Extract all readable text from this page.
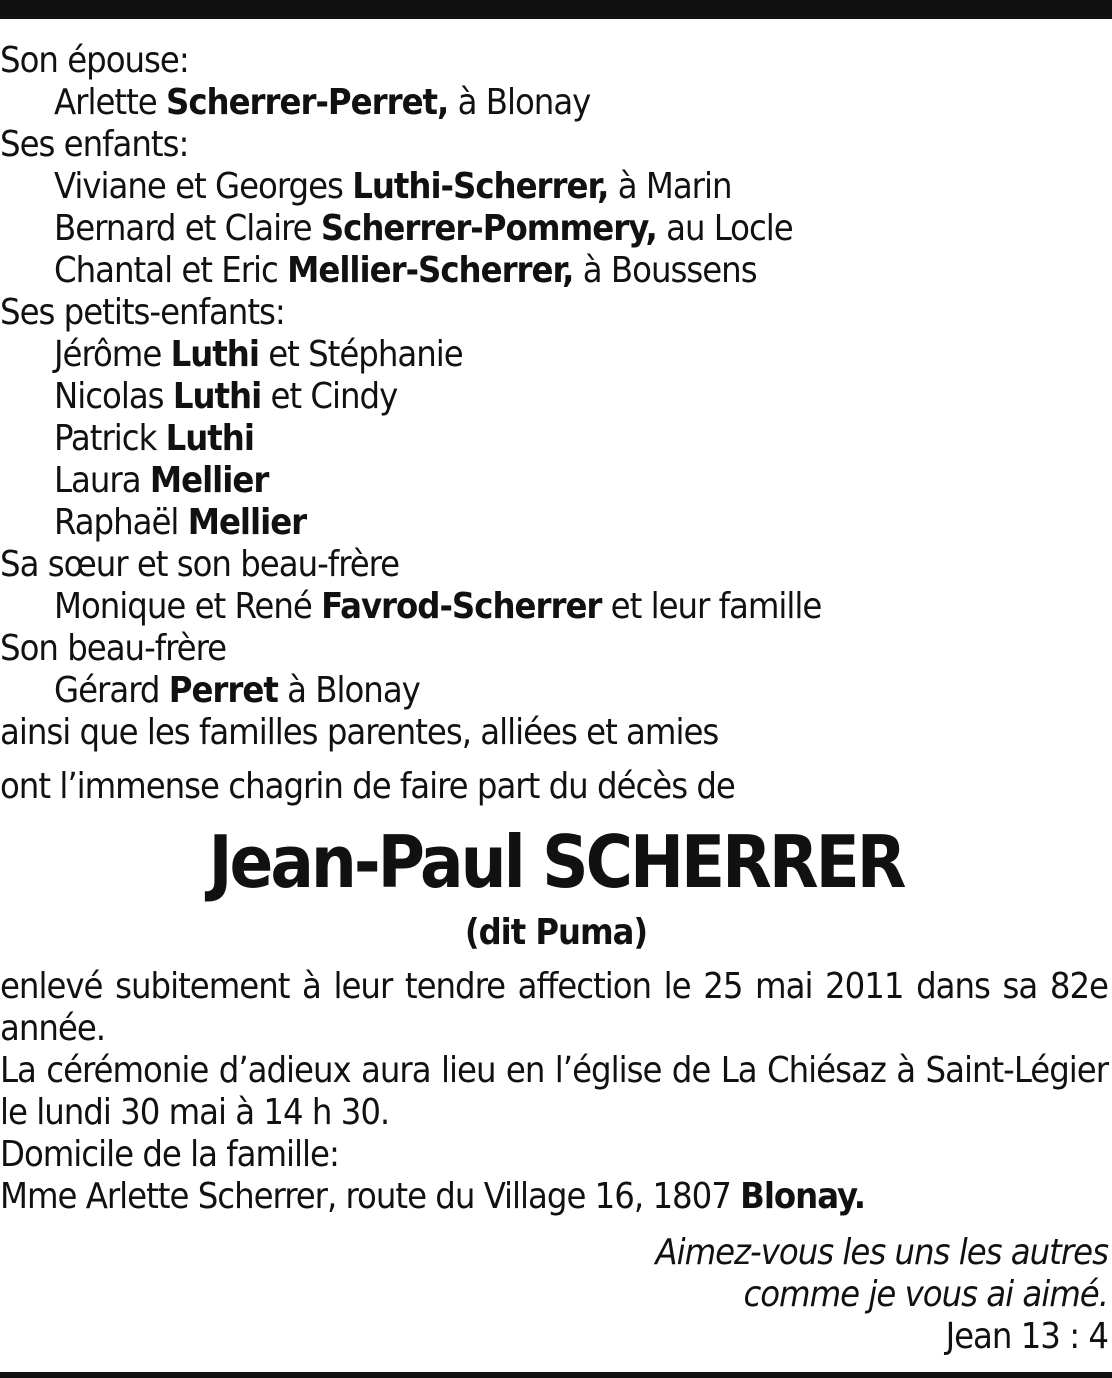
Son épouse:
Arlette Scherrer-Perret, à Blonay
Ses enfants:
Viviane et Georges Luthi-Scherrer, à Marin
Bernard et Claire Scherrer-Pommery, au Locle
Chantal et Eric Mellier-Scherrer, à Boussens
Ses petits-enfants:
Jérôme Luthi et Stéphanie
Nicolas Luthi et Cindy
Patrick Luthi
Laura Mellier
Raphaël Mellier
Sa sœur et son beau-frère
Monique et René Favrod-Scherrer et leur famille
Son beau-frère
Gérard Perret à Blonay
ainsi que les familles parentes, alliées et amies
ont l’immense chagrin de faire part du décès de
Jean-Paul SCHERRER
(dit Puma)
enlevé subitement à leur tendre affection le 25 mai 2011 dans sa 82e année.
La cérémonie d’adieux aura lieu en l’église de La Chiésaz à Saint-Légier le lundi 30 mai à 14 h 30.
Domicile de la famille:
Mme Arlette Scherrer, route du Village 16, 1807 Blonay.
Aimez-vous les uns les autres
comme je vous ai aimé.
Jean 13 : 4
